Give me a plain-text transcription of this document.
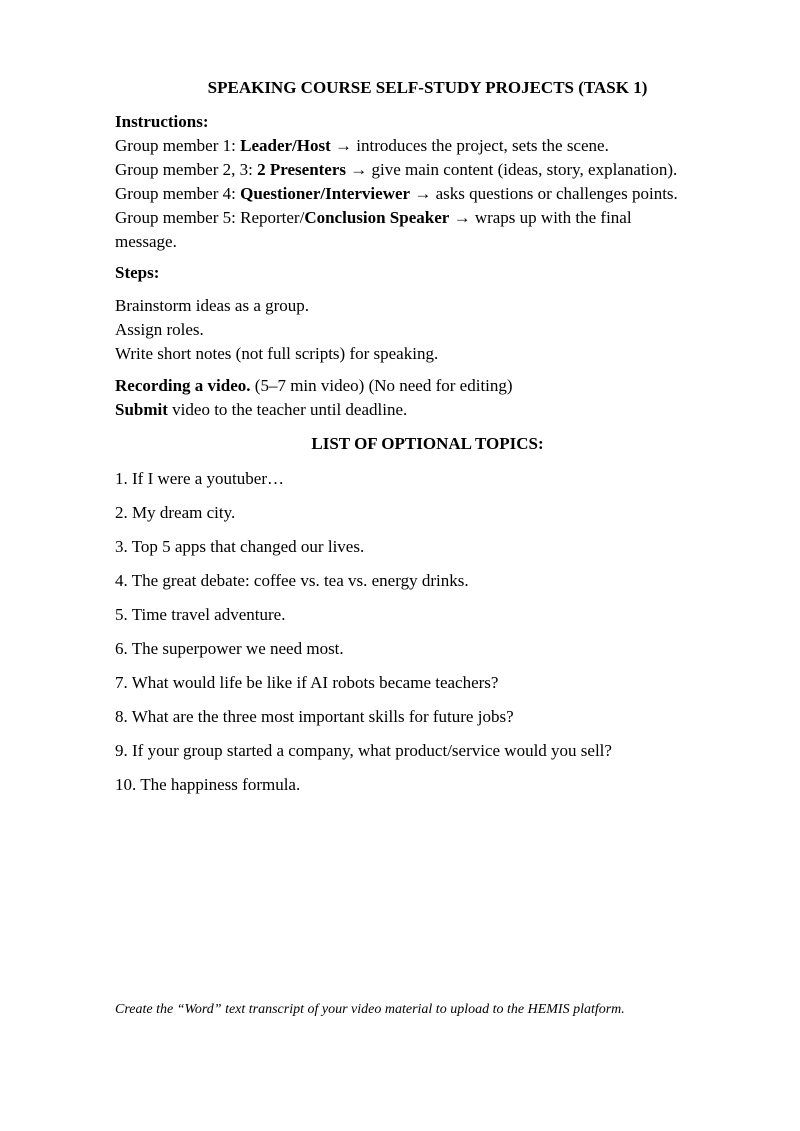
SPEAKING COURSE SELF-STUDY PROJECTS (TASK 1)
Instructions:
Group member 1: Leader/Host → introduces the project, sets the scene.
Group member 2, 3: 2 Presenters → give main content (ideas, story, explanation).
Group member 4: Questioner/Interviewer → asks questions or challenges points.
Group member 5: Reporter/Conclusion Speaker → wraps up with the final
message.
Steps:
Brainstorm ideas as a group.
Assign roles.
Write short notes (not full scripts) for speaking.
Recording a video. (5–7 min video) (No need for editing)
Submit video to the teacher until deadline.
LIST OF OPTIONAL TOPICS:
1. If I were a youtuber…
2. My dream city.
3. Top 5 apps that changed our lives.
4. The great debate: coffee vs. tea vs. energy drinks.
5. Time travel adventure.
6. The superpower we need most.
7. What would life be like if AI robots became teachers?
8. What are the three most important skills for future jobs?
9. If your group started a company, what product/service would you sell?
10. The happiness formula.
Create the “Word” text transcript of your video material to upload to the HEMIS platform.
